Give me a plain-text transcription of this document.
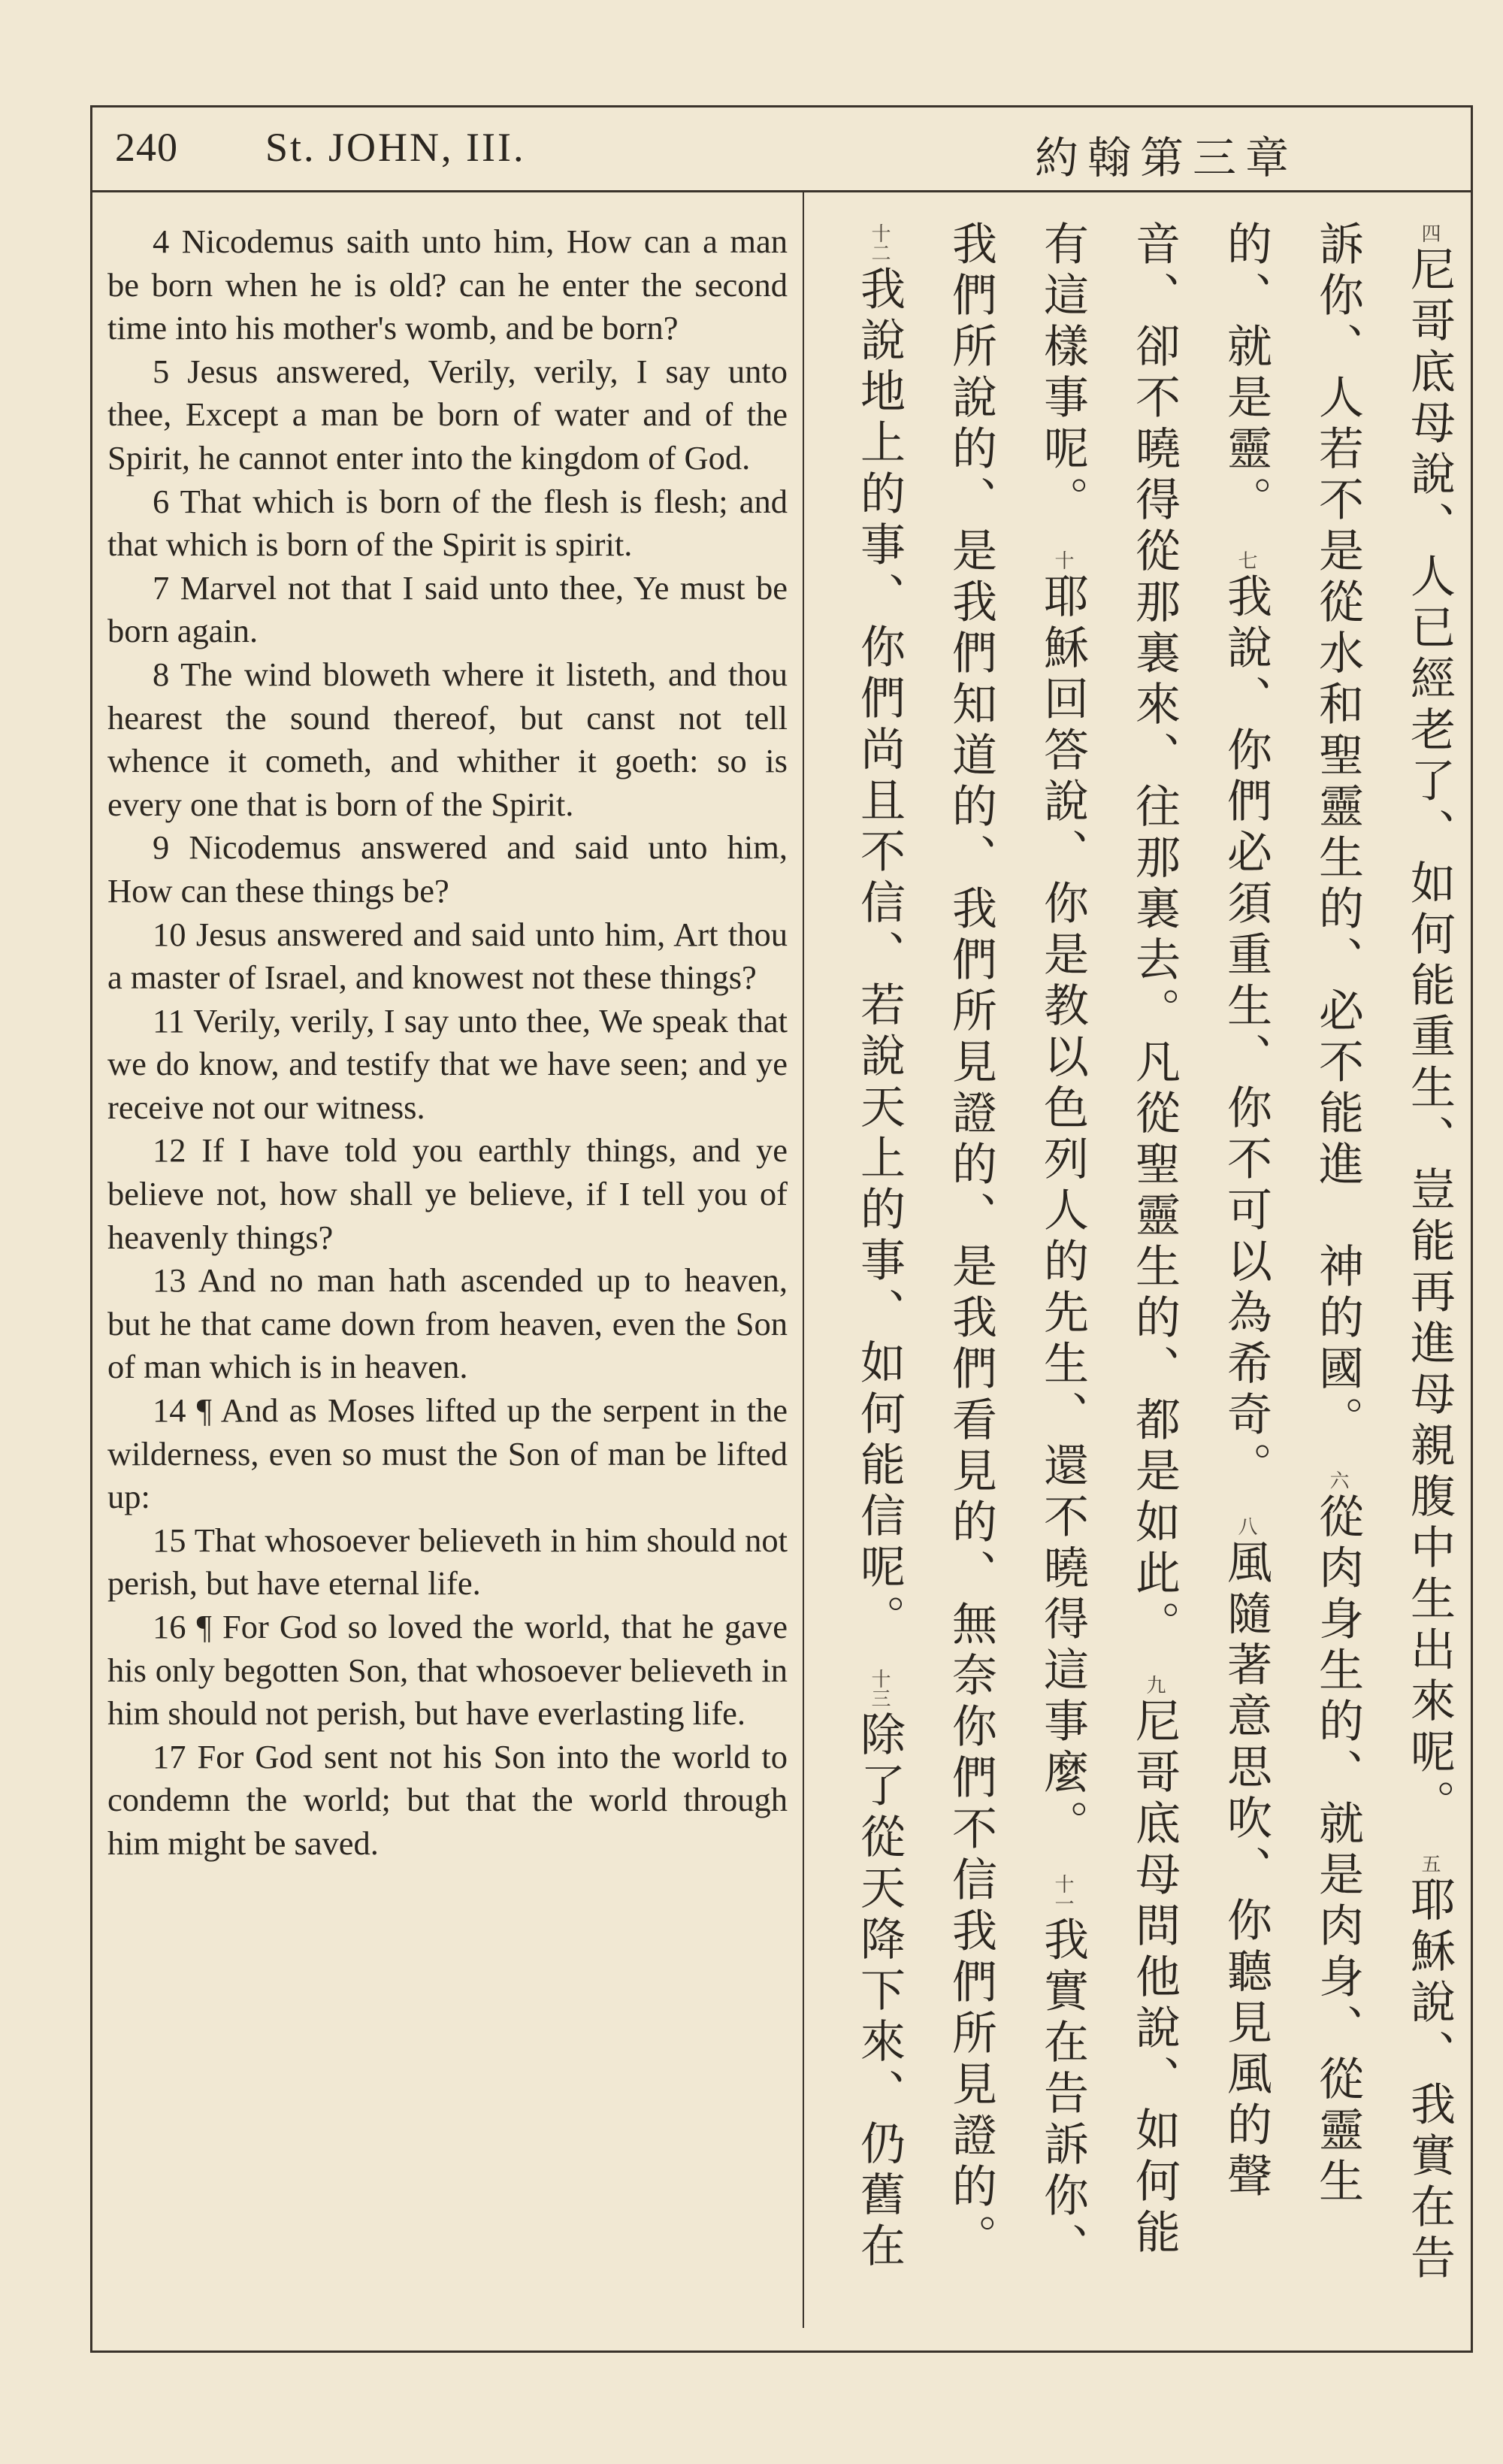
240 St. JOHN, III.	約翰第三章

4 Nicodemus saith unto him, How can a man be born when he is old? can he enter the second time into his mother's womb, and be born?

5 Jesus answered, Verily, verily, I say unto thee, Except a man be born of water and of the Spirit, he cannot enter into the kingdom of God.

6 That which is born of the flesh is flesh; and that which is born of the Spirit is spirit.

7 Marvel not that I said unto thee, Ye must be born again.

8 The wind bloweth where it listeth, and thou hearest the sound thereof, but canst not tell whence it cometh, and whither it goeth: so is every one that is born of the Spirit.

9 Nicodemus answered and said unto him, How can these things be?

10 Jesus answered and said unto him, Art thou a master of Israel, and knowest not these things?

11 Verily, verily, I say unto thee, We speak that we do know, and testify that we have seen; and ye receive not our witness.

12 If I have told you earthly things, and ye believe not, how shall ye believe, if I tell you of heavenly things?

13 And no man hath ascended up to heaven, but he that came down from heaven, even the Son of man which is in heaven.

14 ¶ And as Moses lifted up the serpent in the wilderness, even so must the Son of man be lifted up:

15 That whosoever believeth in him should not perish, but have eternal life.

16 ¶ For God so loved the world, that he gave his only begotten Son, that whosoever believeth in him should not perish, but have everlasting life.

17 For God sent not his Son into the world to condemn the world; but that the world through him might be saved.

四尼哥底母說、人已經老了、如何能重生、豈能再進母親腹中生出來呢。

五耶穌說、我實在告訴你、人若不是從水和聖靈生的、必不能進　神的國。

六從肉身生的、就是肉身、從靈生的、就是靈。

七我說、你們必須重生、你不可以為希奇。

八風隨著意思吹、你聽見風的聲音、卻不曉得從那裏來、往那裏去。凡從聖靈生的、都是如此。

九尼哥底母問他說、如何能有這樣事呢。

十耶穌回答說、你是教以色列人的先生、還不曉得這事麼。

十一我實在告訴你、我們所說的、是我們知道的、我們所見證的、是我們看見的、無奈你們不信我們所見證的。

十二我說地上的事、你們尚且不信、若說天上的事、如何能信呢。

十三除了從天降下來、仍舊在
